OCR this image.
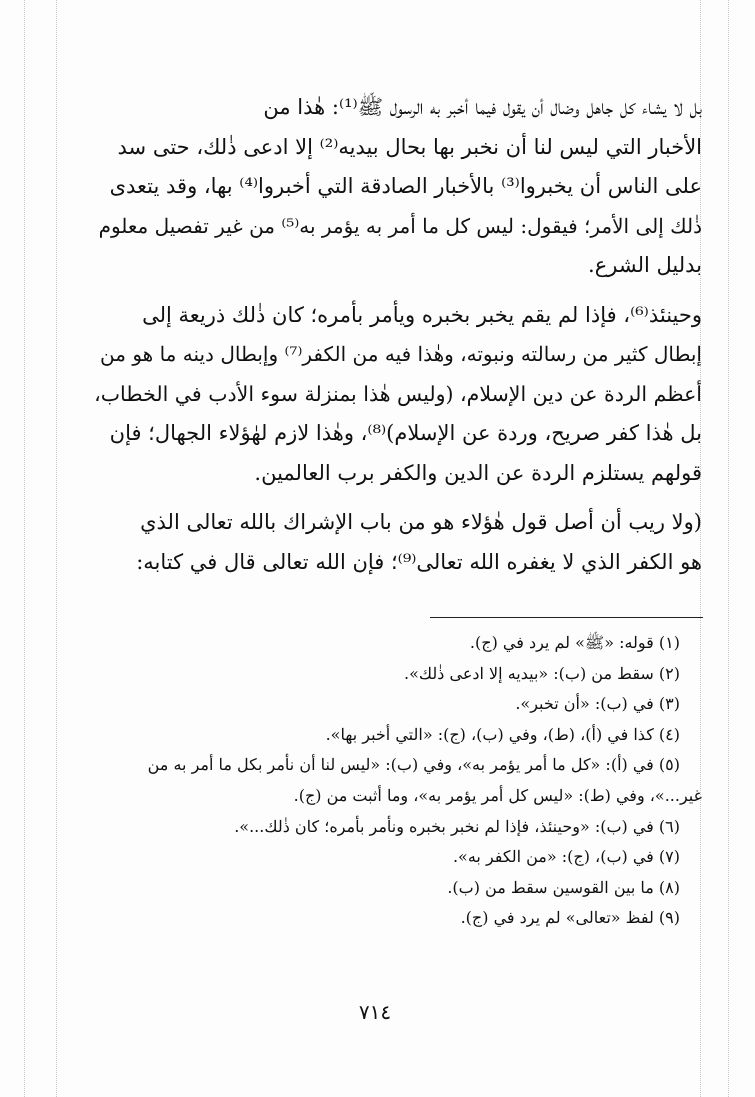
بل لا يشاء كل جاهل وضال أن يقول فيما أخبر به الرسول ﷺ⁽¹⁾: هٰذا من
الأخبار التي ليس لنا أن نخبر بها بحال بيديه⁽²⁾ إلا ادعى ذٰلك، حتى سد
على الناس أن يخبروا⁽³⁾ بالأخبار الصادقة التي أخبروا⁽⁴⁾ بها، وقد يتعدى
ذٰلك إلى الأمر؛ فيقول: ليس كل ما أمر به يؤمر به⁽⁵⁾ من غير تفصيل معلوم
بدليل الشرع.

وحينئذ⁽⁶⁾، فإذا لم يقم يخبر بخبره ويأمر بأمره؛ كان ذٰلك ذريعة إلى
إبطال كثير من رسالته ونبوته، وهٰذا فيه من الكفر⁽⁷⁾ وإبطال دينه ما هو من
أعظم الردة عن دين الإسلام، (وليس هٰذا بمنزلة سوء الأدب في الخطاب،
بل هٰذا كفر صريح، وردة عن الإسلام)⁽⁸⁾، وهٰذا لازم لهٰؤلاء الجهال؛ فإن
قولهم يستلزم الردة عن الدين والكفر برب العالمين.

(ولا ريب أن أصل قول هٰؤلاء هو من باب الإشراك بالله تعالى الذي
هو الكفر الذي لا يغفره الله تعالى⁽⁹⁾؛ فإن الله تعالى قال في كتابه:

(١) قوله: «ﷺ» لم يرد في (ج).
(٢) سقط من (ب): «بيديه إلا ادعى ذٰلك».
(٣) في (ب): «أن تخبر».
(٤) كذا في (أ)، (ط)، وفي (ب)، (ج): «التي أخبر بها».
(٥) في (أ): «كل ما أمر يؤمر به»، وفي (ب): «ليس لنا أن نأمر بكل ما أمر به من
غير...»، وفي (ط): «ليس كل أمر يؤمر به»، وما أثبت من (ج).
(٦) في (ب): «وحينئذ، فإذا لم نخبر بخبره ونأمر بأمره؛ كان ذٰلك...».
(٧) في (ب)، (ج): «من الكفر به».
(٨) ما بين القوسين سقط من (ب).
(٩) لفظ «تعالى» لم يرد في (ج).
٧١٤
